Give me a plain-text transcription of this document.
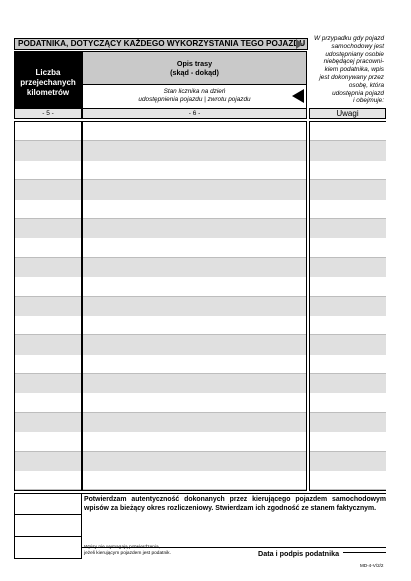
PODATNIKA, DOTYCZĄCY KAŻDEGO WYKORZYSTANIA TEGO POJAZDU
Liczba
przejechanych
kilometrów
Opis trasy
(skąd - dokąd)
Stan licznika na dzień
udostępnienia pojazdu | zwrotu pojazdu
W przypadku gdy pojazd
samochodowy jest
udostępniany osobie
niebędącej pracowni-
kiem podatnika, wpis
jest dokonywany przez
osobę, która
udostępnia pojazd
i obejmuje:
- 5 -	- 6 -	Uwagi
Potwierdzam autentyczność dokonanych przez kierującego pojazdem samochodowym wpisów za bieżący okres rozliczeniowy. Stwierdzam ich zgodność ze stanem faktycznym.
Wpisy nie wymagają potwierdzenia,
jeżeli kierującym pojazdem jest podatnik.	Data i podpis podatnika
MD-4-V/2/2
